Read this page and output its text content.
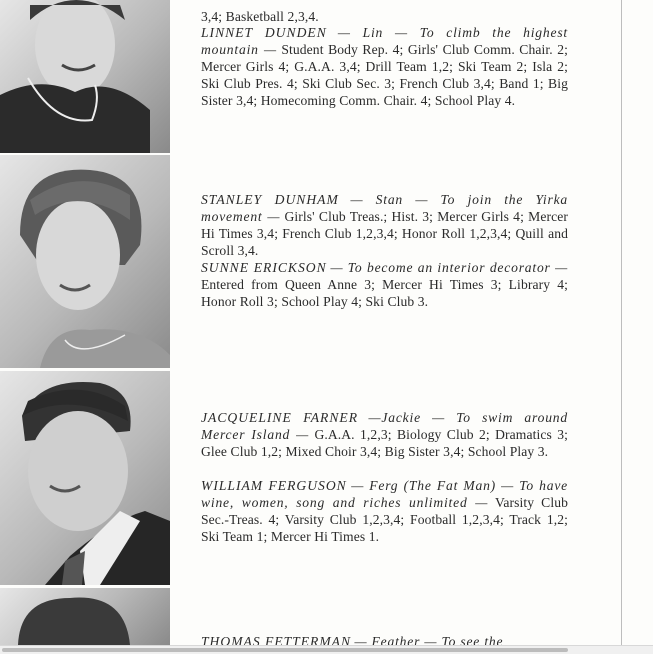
3,4; Basketball 2,3,4.
LINNET DUNDEN — Lin — To climb the highest mountain — Student Body Rep. 4; Girls' Club Comm. Chair. 2; Mercer Girls 4; G.A.A. 3,4; Drill Team 1,2; Ski Team 2; Isla 2; Ski Club Pres. 4; Ski Club Sec. 3; French Club 3,4; Band 1; Big Sister 3,4; Homecoming Comm. Chair. 4; School Play 4.
STANLEY DUNHAM — Stan — To join the Yirka movement — Girls' Club Treas.; Hist. 3; Mercer Girls 4; Mercer Hi Times 3,4; French Club 1,2,3,4; Honor Roll 1,2,3,4; Quill and Scroll 3,4.
SUNNE ERICKSON — To become an interior decorator — Entered from Queen Anne 3; Mercer Hi Times 3; Library 4; Honor Roll 3; School Play 4; Ski Club 3.
JACQUELINE FARNER —Jackie — To swim around Mercer Island — G.A.A. 1,2,3; Biology Club 2; Dramatics 3; Glee Club 1,2; Mixed Choir 3,4; Big Sister 3,4; School Play 3.
WILLIAM FERGUSON — Ferg (The Fat Man) — To have wine, women, song and riches unlimited — Varsity Club Sec.-Treas. 4; Varsity Club 1,2,3,4; Football 1,2,3,4; Track 1,2; Ski Team 1; Mercer Hi Times 1.
THOMAS FETTERMAN — Feather — To see the
